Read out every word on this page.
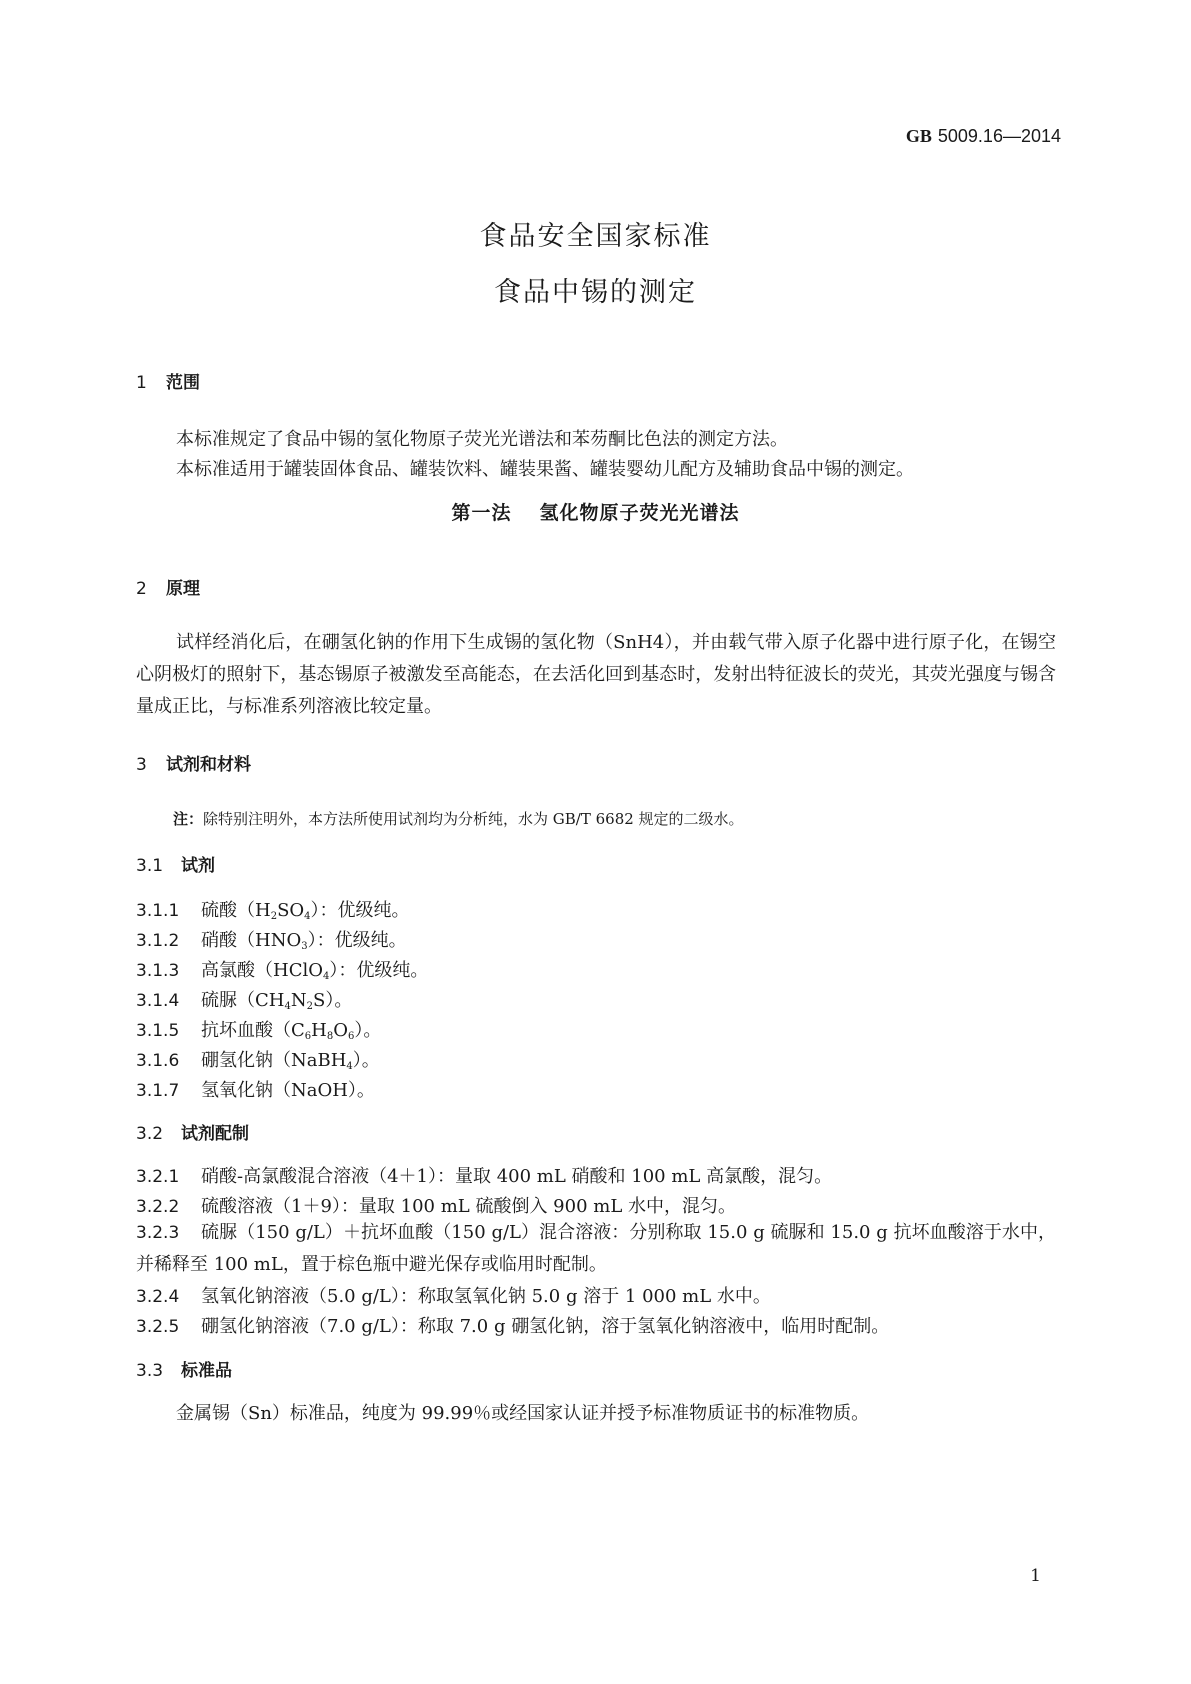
GB 5009.16—2014
食品安全国家标准
食品中锡的测定
1 范围
本标准规定了食品中锡的氢化物原子荧光光谱法和苯芴酮比色法的测定方法。
本标准适用于罐装固体食品、罐装饮料、罐装果酱、罐装婴幼儿配方及辅助食品中锡的测定。
第一法 氢化物原子荧光光谱法
2 原理
试样经消化后，在硼氢化钠的作用下生成锡的氢化物（SnH4），并由载气带入原子化器中进行原子化，在锡空心阴极灯的照射下，基态锡原子被激发至高能态，在去活化回到基态时，发射出特征波长的荧光，其荧光强度与锡含量成正比，与标准系列溶液比较定量。
3 试剂和材料
注：除特别注明外，本方法所使用试剂均为分析纯，水为 GB/T 6682 规定的二级水。
3.1 试剂
3.1.1 硫酸$(H_2SO_4)$：优级纯。
3.1.2 硝酸$(HNO_3)$：优级纯。
3.1.3 高氯酸（HClO$_4$）：优级纯。
3.1.4 硫脲$(CH_4N_2S)$。
3.1.5 抗坏血酸$(C_6H_8O_6)$。
3.1.6 硼氢化钠（NaBH$_4$）。
3.1.7 氢氧化钠（NaOH）。
3.2 试剂配制
3.2.1 硝酸-高氯酸混合溶液（4＋1）：量取 400 mL 硝酸和 100 mL 高氯酸，混匀。
3.2.2 硫酸溶液（1＋9）：量取 100 mL 硫酸倒入 900 mL 水中，混匀。
3.2.3 硫脲（150 g/L）＋抗坏血酸（150 g/L）混合溶液：分别称取 15.0 g 硫脲和 15.0 g 抗坏血酸溶于水中，并稀释至 100 mL，置于棕色瓶中避光保存或临用时配制。
3.2.4 氢氧化钠溶液（5.0 g/L）：称取氢氧化钠 5.0 g 溶于 1 000 mL 水中。
3.2.5 硼氢化钠溶液（7.0 g/L）：称取 7.0 g 硼氢化钠，溶于氢氧化钠溶液中，临用时配制。
3.3 标准品
金属锡（Sn）标准品，纯度为 99.99％或经国家认证并授予标准物质证书的标准物质。
1
